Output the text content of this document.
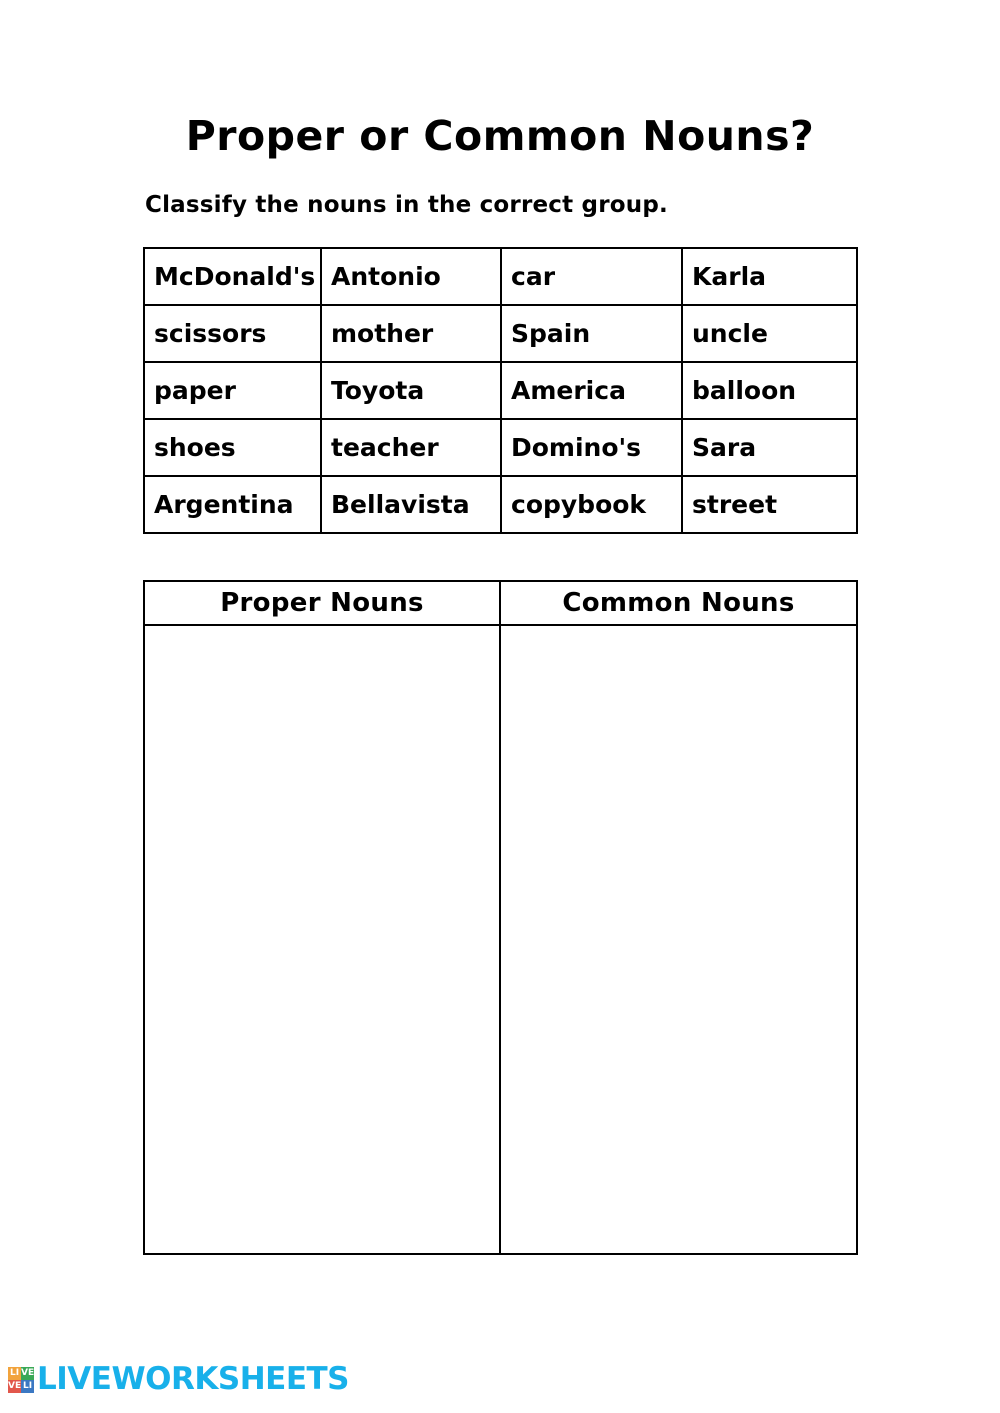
Proper or Common Nouns?
Classify the nouns in the correct group.
McDonald's	Antonio	car	Karla
scissors	mother	Spain	uncle
paper	Toyota	America	balloon
shoes	teacher	Domino's	Sara
Argentina	Bellavista	copybook	street
Proper Nouns	Common Nouns

LI VE
VE LI LIVEWORKSHEETS
